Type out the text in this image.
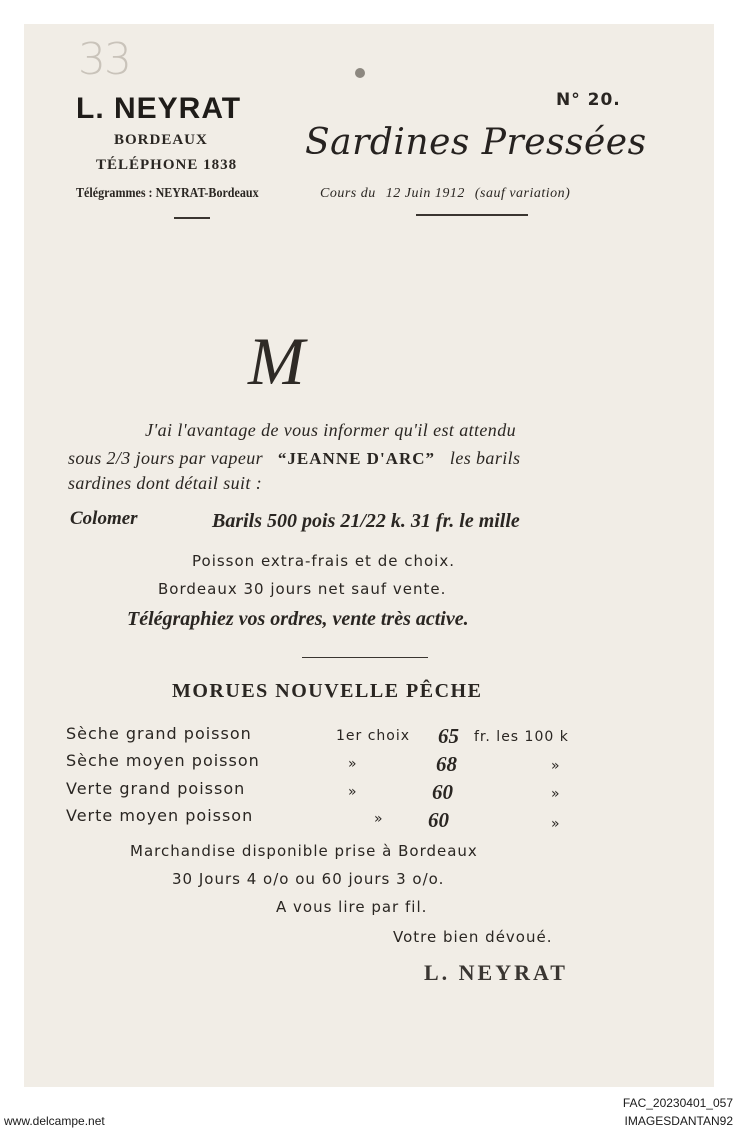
33
L. NEYRAT
BORDEAUX
TÉLÉPHONE 1838
Télégrammes : NEYRAT-Bordeaux
N° 20.
Sardines Pressées
Cours du 12 Juin 1912 (sauf variation)
M
J'ai l'avantage de vous informer qu'il est attendu
sous 2/3 jours par vapeur “JEANNE D'ARC” les barils
sardines dont détail suit :
Colomer	Barils 500 pois 21/22 k. 31 fr. le mille
Poisson extra-frais et de choix.
Bordeaux 30 jours net sauf vente.
Télégraphiez vos ordres, vente très active.
MORUES NOUVELLE PÊCHE
Sèche grand poisson	1er choix 65 fr. les 100 k
Sèche moyen poisson	»	68	»
Verte grand poisson	»	60	»
Verte moyen poisson	» 60	»
Marchandise disponible prise à Bordeaux
30 Jours 4 o/o ou 60 jours 3 o/o.
A vous lire par fil.
Votre bien dévoué.
L. NEYRAT
www.delcampe.net
FAC_20230401_057
IMAGESDANTAN92
